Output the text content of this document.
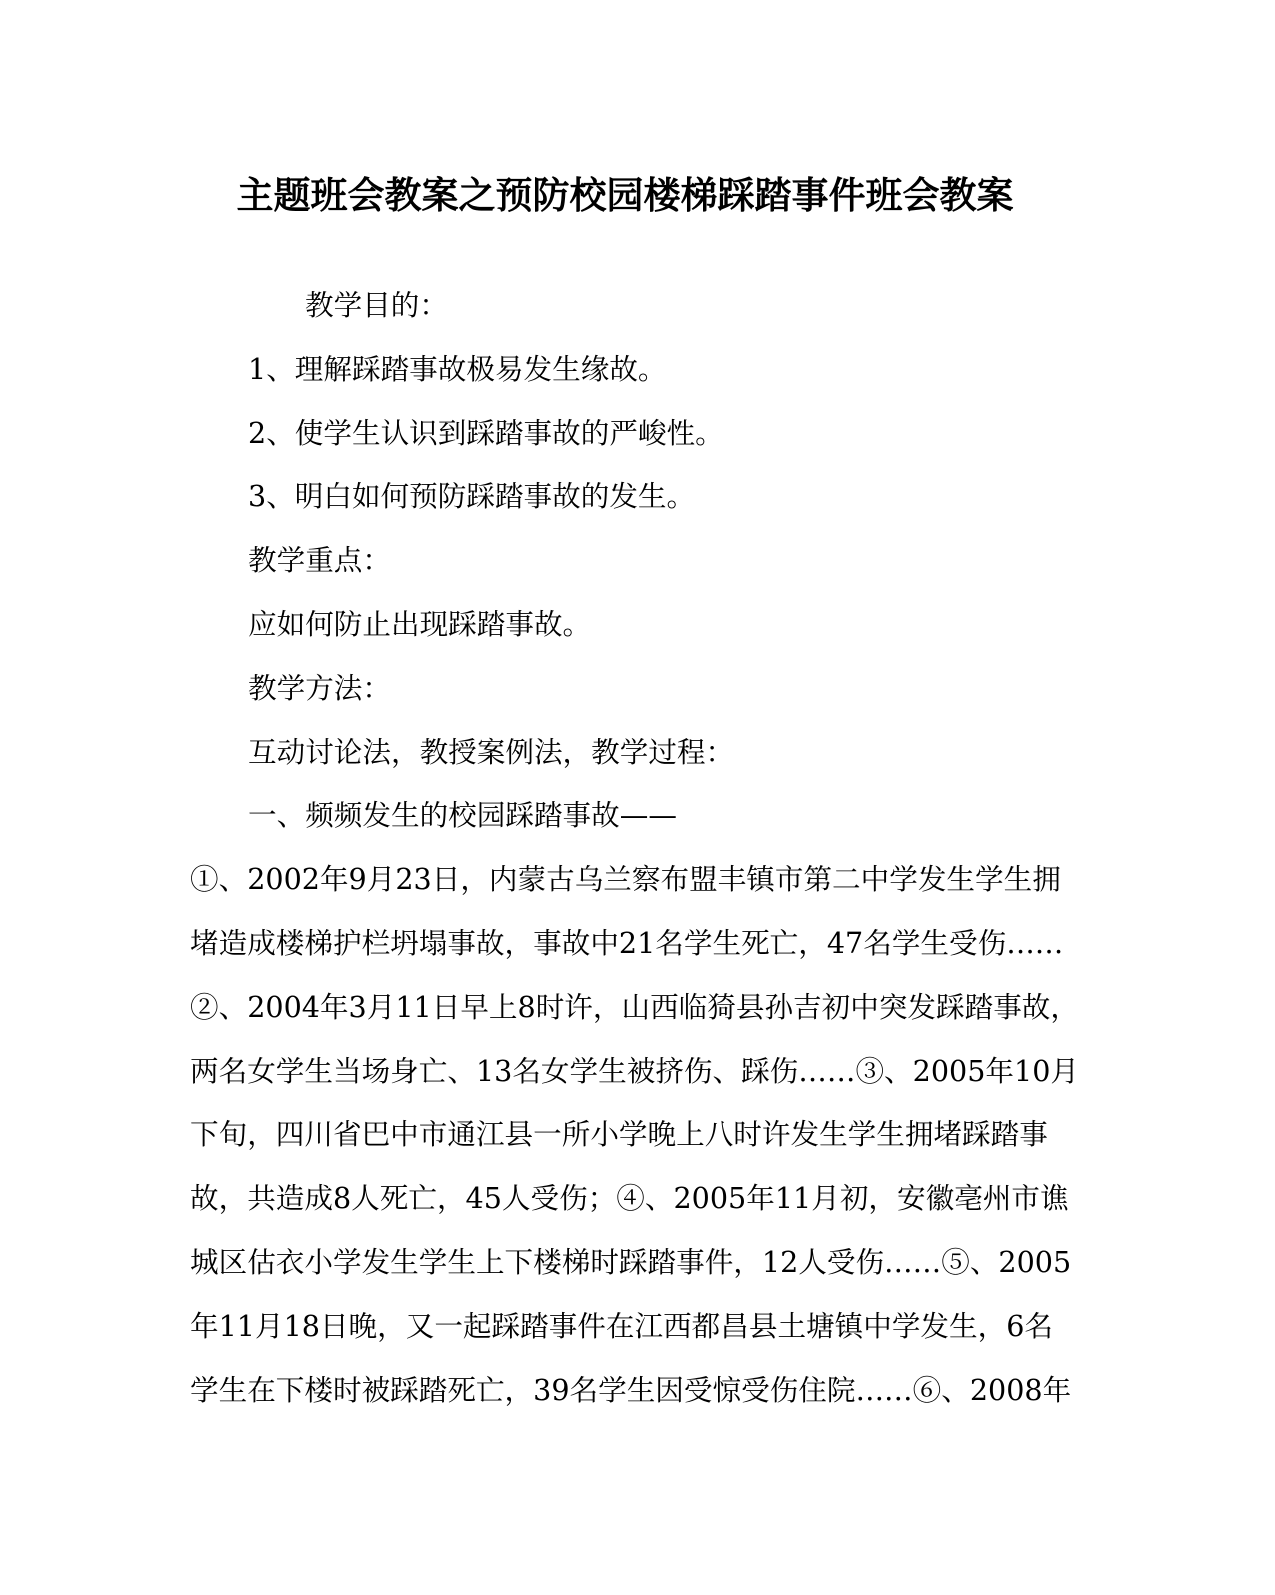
主题班会教案之预防校园楼梯踩踏事件班会教案

教学目的：

1、理解踩踏事故极易发生缘故。

2、使学生认识到踩踏事故的严峻性。

3、明白如何预防踩踏事故的发生。

教学重点：

应如何防止出现踩踏事故。

教学方法：

互动讨论法，教授案例法，教学过程：

一、频频发生的校园踩踏事故——

①、2002年9月23日，内蒙古乌兰察布盟丰镇市第二中学发生学生拥

堵造成楼梯护栏坍塌事故，事故中21名学生死亡，47名学生受伤……

②、2004年3月11日早上8时许，山西临猗县孙吉初中突发踩踏事故，

两名女学生当场身亡、13名女学生被挤伤、踩伤……③、2005年10月

下旬，四川省巴中市通江县一所小学晚上八时许发生学生拥堵踩踏事

故，共造成8人死亡，45人受伤；④、2005年11月初，安徽亳州市谯

城区估衣小学发生学生上下楼梯时踩踏事件，12人受伤……⑤、2005

年11月18日晚，又一起踩踏事件在江西都昌县土塘镇中学发生，6名

学生在下楼时被踩踏死亡，39名学生因受惊受伤住院……⑥、2008年
